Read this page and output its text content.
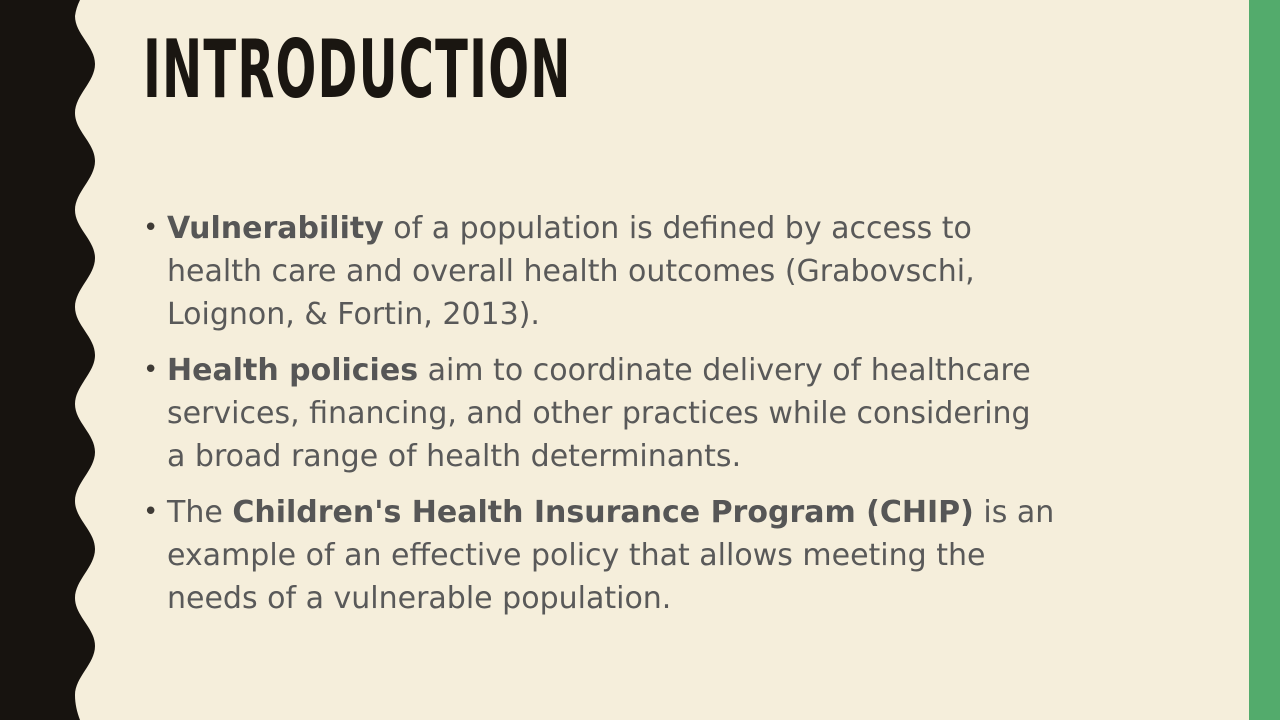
INTRODUCTION
• Vulnerability of a population is defined by access to
health care and overall health outcomes (Grabovschi,
Loignon, & Fortin, 2013).
• Health policies aim to coordinate delivery of healthcare
services, financing, and other practices while considering
a broad range of health determinants.
• The Children's Health Insurance Program (CHIP) is an
example of an effective policy that allows meeting the
needs of a vulnerable population.
